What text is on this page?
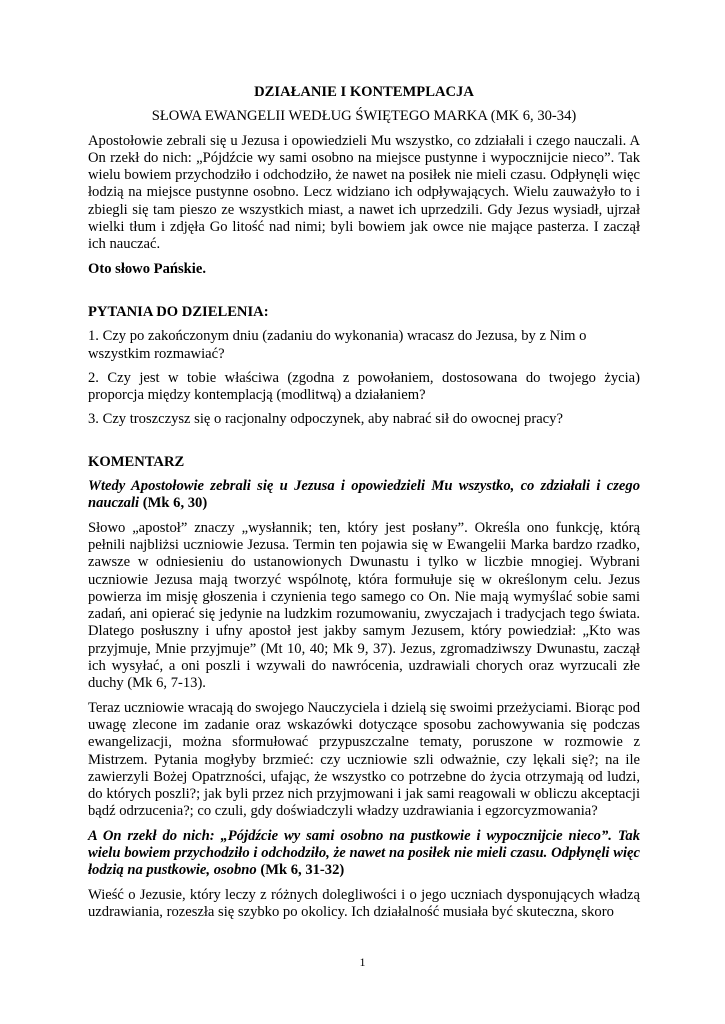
DZIAŁANIE I KONTEMPLACJA

SŁOWA EWANGELII WEDŁUG ŚWIĘTEGO MARKA (MK 6, 30-34)

Apostołowie zebrali się u Jezusa i opowiedzieli Mu wszystko, co zdziałali i czego nauczali. A On rzekł do nich: „Pójdźcie wy sami osobno na miejsce pustynne i wypocznijcie nieco”. Tak wielu bowiem przychodziło i odchodziło, że nawet na posiłek nie mieli czasu. Odpłynęli więc łodzią na miejsce pustynne osobno. Lecz widziano ich odpływających. Wielu zauważyło to i zbiegli się tam pieszo ze wszystkich miast, a nawet ich uprzedzili. Gdy Jezus wysiadł, ujrzał wielki tłum i zdjęła Go litość nad nimi; byli bowiem jak owce nie mające pasterza. I zaczął ich nauczać.

Oto słowo Pańskie.

PYTANIA DO DZIELENIA:

1. Czy po zakończonym dniu (zadaniu do wykonania) wracasz do Jezusa, by z Nim o wszystkim rozmawiać?

2. Czy jest w tobie właściwa (zgodna z powołaniem, dostosowana do twojego życia) proporcja między kontemplacją (modlitwą) a działaniem?

3. Czy troszczysz się o racjonalny odpoczynek, aby nabrać sił do owocnej pracy?

KOMENTARZ

Wtedy Apostołowie zebrali się u Jezusa i opowiedzieli Mu wszystko, co zdziałali i czego nauczali (Mk 6, 30)

Słowo „apostoł” znaczy „wysłannik; ten, który jest posłany”. Określa ono funkcję, którą pełnili najbliżsi uczniowie Jezusa. Termin ten pojawia się w Ewangelii Marka bardzo rzadko, zawsze w odniesieniu do ustanowionych Dwunastu i tylko w liczbie mnogiej. Wybrani uczniowie Jezusa mają tworzyć wspólnotę, która formułuje się w określonym celu. Jezus powierza im misję głoszenia i czynienia tego samego co On. Nie mają wymyślać sobie sami zadań, ani opierać się jedynie na ludzkim rozumowaniu, zwyczajach i tradycjach tego świata. Dlatego posłuszny i ufny apostoł jest jakby samym Jezusem, który powiedział: „Kto was przyjmuje, Mnie przyjmuje” (Mt 10, 40; Mk 9, 37). Jezus, zgromadziwszy Dwunastu, zaczął ich wysyłać, a oni poszli i wzywali do nawrócenia, uzdrawiali chorych oraz wyrzucali złe duchy (Mk 6, 7-13).

Teraz uczniowie wracają do swojego Nauczyciela i dzielą się swoimi przeżyciami. Biorąc pod uwagę zlecone im zadanie oraz wskazówki dotyczące sposobu zachowywania się podczas ewangelizacji, można sformułować przypuszczalne tematy, poruszone w rozmowie z Mistrzem. Pytania mogłyby brzmieć: czy uczniowie szli odważnie, czy lękali się?; na ile zawierzyli Bożej Opatrzności, ufając, że wszystko co potrzebne do życia otrzymają od ludzi, do których poszli?; jak byli przez nich przyjmowani i jak sami reagowali w obliczu akceptacji bądź odrzucenia?; co czuli, gdy doświadczyli władzy uzdrawiania i egzorcyzmowania?

A On rzekł do nich: „Pójdźcie wy sami osobno na pustkowie i wypocznijcie nieco”. Tak wielu bowiem przychodziło i odchodziło, że nawet na posiłek nie mieli czasu. Odpłynęli więc łodzią na pustkowie, osobno (Mk 6, 31-32)

Wieść o Jezusie, który leczy z różnych dolegliwości i o jego uczniach dysponujących władzą uzdrawiania, rozeszła się szybko po okolicy. Ich działalność musiała być skuteczna, skoro

1
